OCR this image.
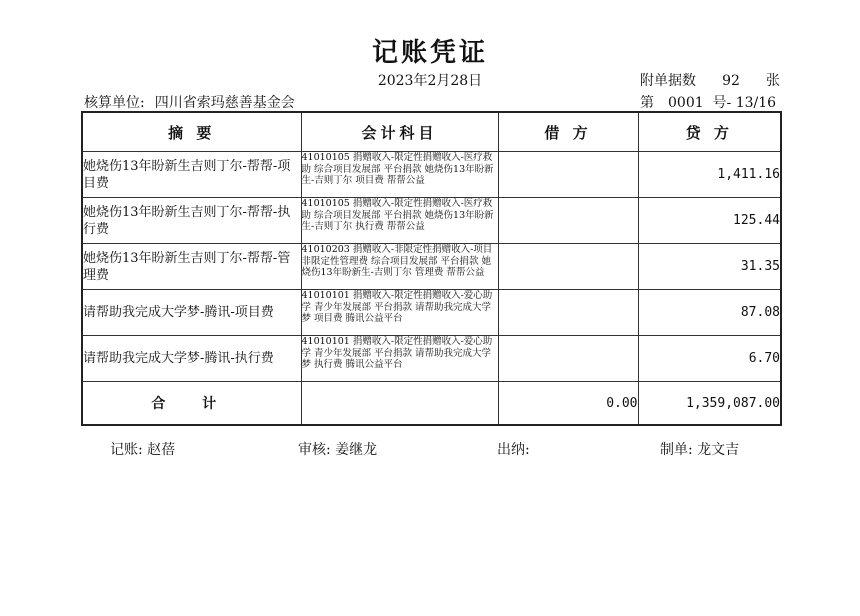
记账凭证
2023年2月28日	附单据数 92 张
核算单位: 四川省索玛慈善基金会	第 0001 号- 13/16
摘 要	会计科目	借 方	贷 方
她烧伤13年盼新生吉则丁尔-帮帮-项目费	41010105 捐赠收入-限定性捐赠收入-医疗救助 综合项目发展部 平台捐款 她烧伤13年盼新生-吉则丁尔 项目费 帮帮公益		1,411.16
她烧伤13年盼新生吉则丁尔-帮帮-执行费	41010105 捐赠收入-限定性捐赠收入-医疗救助 综合项目发展部 平台捐款 她烧伤13年盼新生-吉则丁尔 执行费 帮帮公益		125.44
她烧伤13年盼新生吉则丁尔-帮帮-管理费	41010203 捐赠收入-非限定性捐赠收入-项目非限定性管理费 综合项目发展部 平台捐款 她烧伤13年盼新生-吉则丁尔 管理费 帮帮公益		31.35
请帮助我完成大学梦-腾讯-项目费	41010101 捐赠收入-限定性捐赠收入-爱心助学 青少年发展部 平台捐款 请帮助我完成大学梦 项目费 腾讯公益平台		87.08
请帮助我完成大学梦-腾讯-执行费	41010101 捐赠收入-限定性捐赠收入-爱心助学 青少年发展部 平台捐款 请帮助我完成大学梦 执行费 腾讯公益平台		6.70
合 计		0.00	1,359,087.00
记账: 赵蓓	审核: 姜继龙	出纳:	制单: 龙文吉
